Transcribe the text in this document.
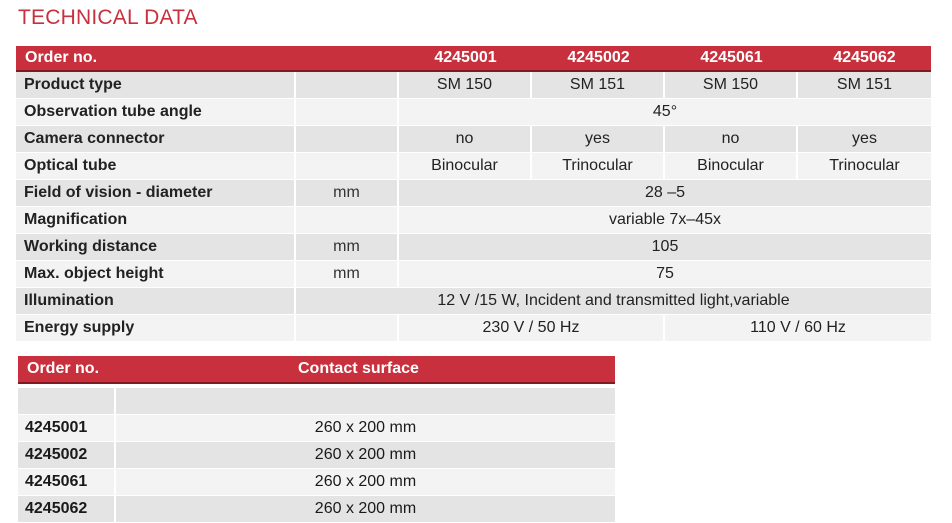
TECHNICAL DATA
Order no.		4245001	4245002	4245061	4245062
Product type		SM 150	SM 151	SM 150	SM 151
Observation tube angle		45°			
Camera connector		no	yes	no	yes
Optical tube		Binocular	Trinocular	Binocular	Trinocular
Field of vision - diameter	mm	28 –5			
Magnification		variable 7x–45x			
Working distance	mm	105			
Max. object height	mm	75			
Illumination	12 V /15 W, Incident and transmitted light,variable				
Energy supply		230 V / 50 Hz		110 V / 60 Hz	
Order no.	Contact surface

4245001	260 x 200 mm
4245002	260 x 200 mm
4245061	260 x 200 mm
4245062	260 x 200 mm
